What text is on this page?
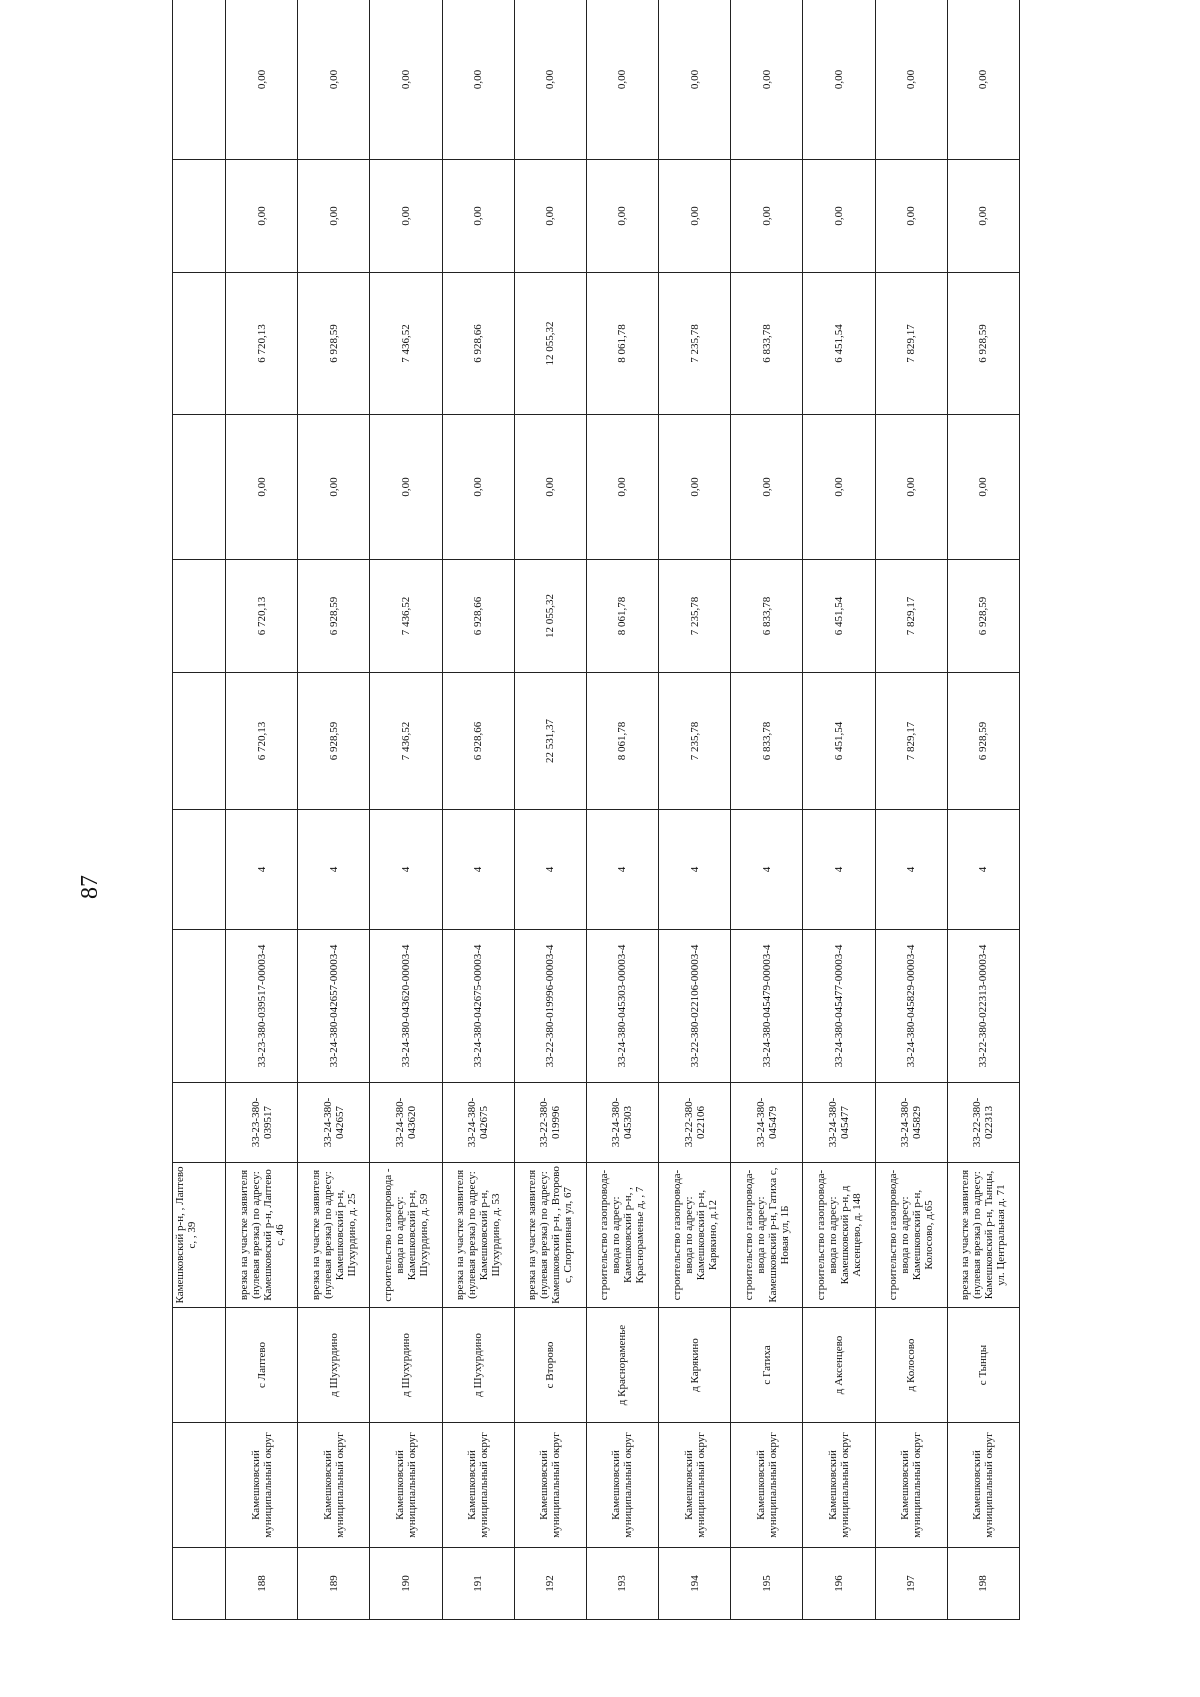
87
			Камешковский р-н, , Лаптево с, , 39									
188	Камешковский муниципальный округ	с Лаптево	врезка на участке заявителя (нулевая врезка) по адресу: Камешковский р-н, Лаптево с, 46	33-23-380-039517	33-23-380-039517-00003-4	4	6 720,13	6 720,13	0,00	6 720,13	0,00	0,00
189	Камешковский муниципальный округ	д Шухурдино	врезка на участке заявителя (нулевая врезка) по адресу: Камешковский р-н, Шухурдино, д. 25	33-24-380-042657	33-24-380-042657-00003-4	4	6 928,59	6 928,59	0,00	6 928,59	0,00	0,00
190	Камешковский муниципальный округ	д Шухурдино	строительство газопровода - ввода по адресу: Камешковский р-н, Шухурдино, д. 59	33-24-380-043620	33-24-380-043620-00003-4	4	7 436,52	7 436,52	0,00	7 436,52	0,00	0,00
191	Камешковский муниципальный округ	д Шухурдино	врезка на участке заявителя (нулевая врезка) по адресу: Камешковский р-н, Шухурдино, д. 53	33-24-380-042675	33-24-380-042675-00003-4	4	6 928,66	6 928,66	0,00	6 928,66	0,00	0,00
192	Камешковский муниципальный округ	с Второво	врезка на участке заявителя (нулевая врезка) по адресу: Камешковский р-н, , Второво с, Спортивная ул, 67	33-22-380-019996	33-22-380-019996-00003-4	4	22 531,37	12 055,32	0,00	12 055,32	0,00	0,00
193	Камешковский муниципальный округ	д Краснораменье	строительство газопровода-ввода по адресу: Камешковский р-н, , Краснораменье д, , 7	33-24-380-045303	33-24-380-045303-00003-4	4	8 061,78	8 061,78	0,00	8 061,78	0,00	0,00
194	Камешковский муниципальный округ	д Карякино	строительство газопровода-ввода по адресу: Камешковский р-н, Карякино, д.12	33-22-380-022106	33-22-380-022106-00003-4	4	7 235,78	7 235,78	0,00	7 235,78	0,00	0,00
195	Камешковский муниципальный округ	с Гатиха	строительство газопровода-ввода по адресу: Камешковский р-н, Гатиха с, Новая ул, 1Б	33-24-380-045479	33-24-380-045479-00003-4	4	6 833,78	6 833,78	0,00	6 833,78	0,00	0,00
196	Камешковский муниципальный округ	д Аксенцево	строительство газопровода-ввода по адресу: Камешковский р-н, д Аксенцево, д. 148	33-24-380-045477	33-24-380-045477-00003-4	4	6 451,54	6 451,54	0,00	6 451,54	0,00	0,00
197	Камешковский муниципальный округ	д Колосово	строительство газопровода-ввода по адресу: Камешковский р-н, Колосово, д.65	33-24-380-045829	33-24-380-045829-00003-4	4	7 829,17	7 829,17	0,00	7 829,17	0,00	0,00
198	Камешковский муниципальный округ	с Тынцы	врезка на участке заявителя (нулевая врезка) по адресу: Камешковский р-н, Тынцы, ул. Центральная д. 71	33-22-380-022313	33-22-380-022313-00003-4	4	6 928,59	6 928,59	0,00	6 928,59	0,00	0,00
